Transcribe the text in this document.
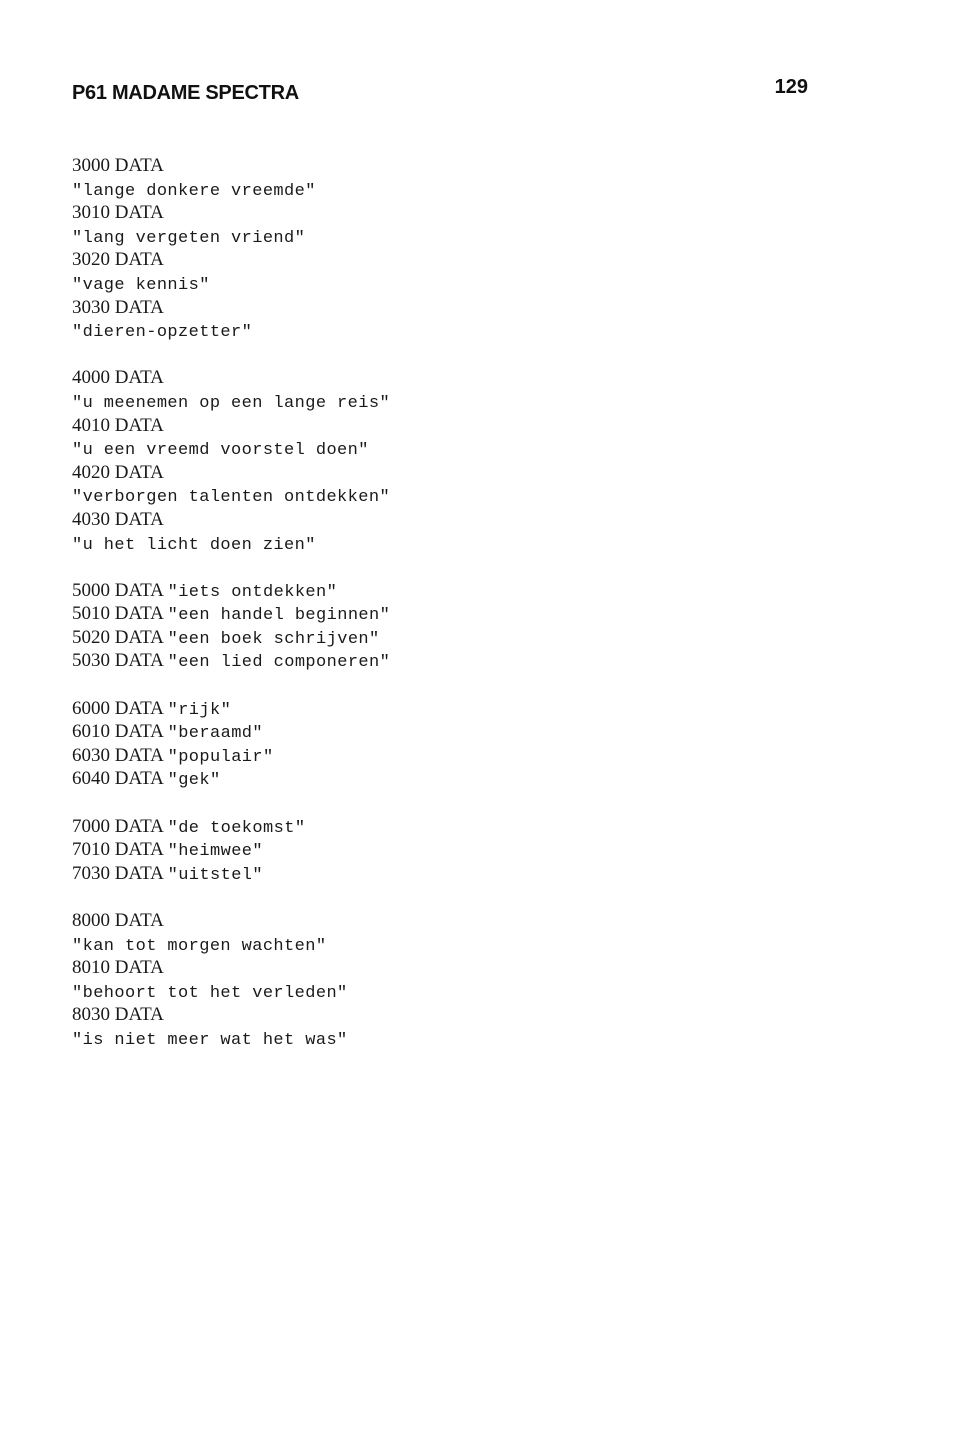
P61 MADAME SPECTRA	129
3000 DATA
"lange donkere vreemde"
3010 DATA
"lang vergeten vriend"
3020 DATA
"vage kennis"
3030 DATA
"dieren-opzetter"
4000 DATA
"u meenemen op een lange reis"
4010 DATA
"u een vreemd voorstel doen"
4020 DATA
"verborgen talenten ontdekken"
4030 DATA
"u het licht doen zien"
5000 DATA "iets ontdekken"
5010 DATA "een handel beginnen"
5020 DATA "een boek schrijven"
5030 DATA "een lied componeren"
6000 DATA "rijk"
6010 DATA "beraamd"
6030 DATA "populair"
6040 DATA "gek"
7000 DATA "de toekomst"
7010 DATA "heimwee"
7030 DATA "uitstel"
8000 DATA
"kan tot morgen wachten"
8010 DATA
"behoort tot het verleden"
8030 DATA
"is niet meer wat het was"
